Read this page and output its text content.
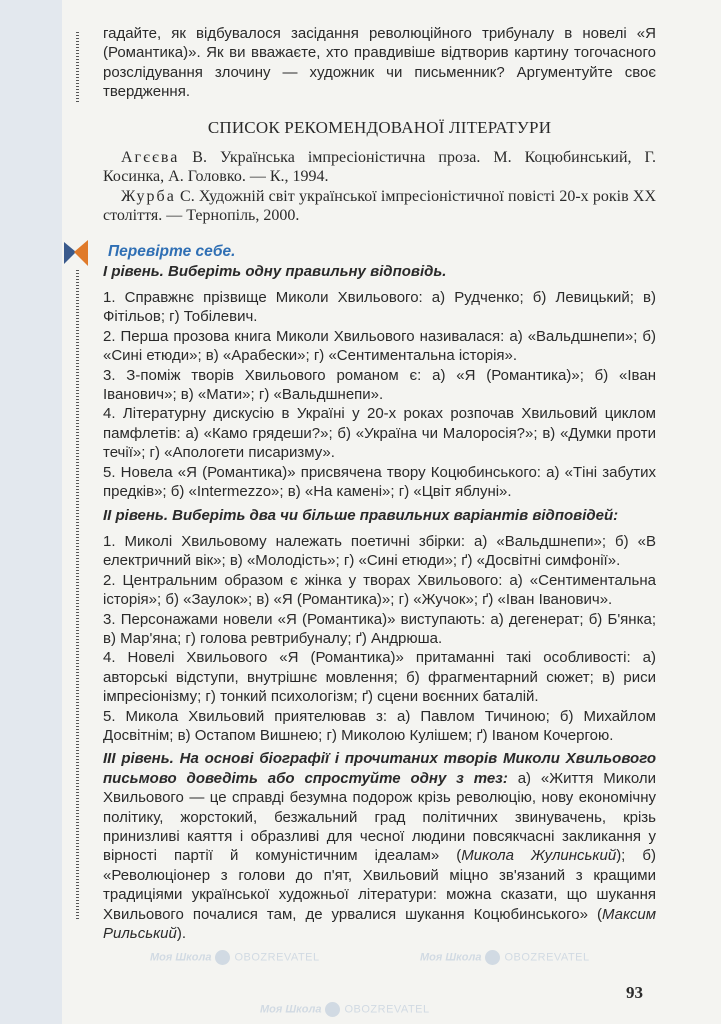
гадайте, як відбувалося засідання революційного трибуналу в новелі «Я (Романтика)». Як ви вважаєте, хто правдивіше відтворив картину тогочасного розслідування злочину — художник чи письменник? Аргументуйте своє твердження.

СПИСОК РЕКОМЕНДОВАНОЇ ЛІТЕРАТУРИ

Агєєва В. Українська імпресіоністична проза. М. Коцюбинський, Г. Косинка, А. Головко. — К., 1994.

Журба С. Художній світ української імпресіоністичної повісті 20-х років XX століття. — Тернопіль, 2000.

Перевірте себе.

І рівень. Виберіть одну правильну відповідь.

1. Справжнє прізвище Миколи Хвильового: а) Рудченко; б) Левицький; в) Фітільов; г) Тобілевич.

2. Перша прозова книга Миколи Хвильового називалася: а) «Вальдшнепи»; б) «Сині етюди»; в) «Арабески»; г) «Сентиментальна історія».

3. З-поміж творів Хвильового романом є: а) «Я (Романтика)»; б) «Іван Іванович»; в) «Мати»; г) «Вальдшнепи».

4. Літературну дискусію в Україні у 20-х роках розпочав Хвильовий циклом памфлетів: а) «Камо грядеши?»; б) «Україна чи Малоросія?»; в) «Думки проти течії»; г) «Апологети писаризму».

5. Новела «Я (Романтика)» присвячена твору Коцюбинського: а) «Тіні забутих предків»; б) «Intermezzo»; в) «На камені»; г) «Цвіт яблуні».

ІІ рівень. Виберіть два чи більше правильних варіантів відповідей:

1. Миколі Хвильовому належать поетичні збірки: а) «Вальдшнепи»; б) «В електричний вік»; в) «Молодість»; г) «Сині етюди»; ґ) «Досвітні симфонії».

2. Центральним образом є жінка у творах Хвильового: а) «Сентиментальна історія»; б) «Заулок»; в) «Я (Романтика)»; г) «Жучок»; ґ) «Іван Іванович».

3. Персонажами новели «Я (Романтика)» виступають: а) дегенерат; б) Б'янка; в) Мар'яна; г) голова ревтрибуналу; ґ) Андрюша.

4. Новелі Хвильового «Я (Романтика)» притаманні такі особливості: а) авторські відступи, внутрішнє мовлення; б) фрагментарний сюжет; в) риси імпресіонізму; г) тонкий психологізм; ґ) сцени воєнних баталій.

5. Микола Хвильовий приятелював з: а) Павлом Тичиною; б) Михайлом Досвітнім; в) Остапом Вишнею; г) Миколою Кулішем; ґ) Іваном Кочергою.

ІІІ рівень. На основі біографії і прочитаних творів Миколи Хвильового письмово доведіть або спростуйте одну з тез: а) «Життя Миколи Хвильового — це справді безумна подорож крізь революцію, нову економічну політику, жорстокий, безжальний град політичних звинувачень, крізь принизливі каяття і образливі для чесної людини повсякчасні закликання у вірності партії й комуністичним ідеалам» (Микола Жулинський); б) «Революціонер з голови до п'ят, Хвильовий міцно зв'язаний з кращими традиціями української художньої літератури: можна сказати, що шукання Хвильового почалися там, де урвалися шукання Коцюбинського» (Максим Рильський).

93
Моя Школа OBOZREVATEL	Моя Школа OBOZREVATEL
Моя Школа OBOZREVATEL
